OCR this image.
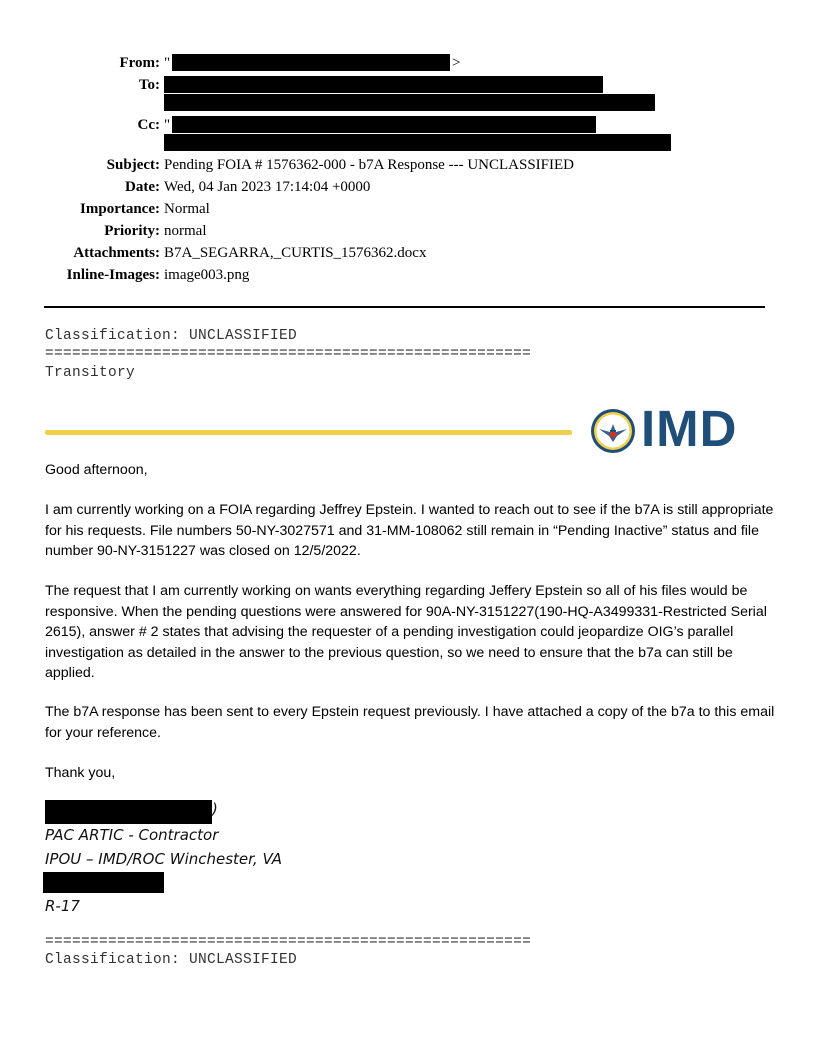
From: "	>
To:
Cc: "
Subject: Pending FOIA # 1576362-000 - b7A Response --- UNCLASSIFIED
Date: Wed, 04 Jan 2023 17:14:04 +0000
Importance: Normal
Priority: normal
Attachments: B7A_SEGARRA,_CURTIS_1576362.docx
Inline-Images: image003.png
Classification: UNCLASSIFIED
======================================================
Transitory
IMD
Good afternoon,
I am currently working on a FOIA regarding Jeffrey Epstein. I wanted to reach out to see if the b7A is still appropriate for his requests. File numbers 50-NY-3027571 and 31-MM-108062 still remain in “Pending Inactive” status and file number 90-NY-3151227 was closed on 12/5/2022.
The request that I am currently working on wants everything regarding Jeffery Epstein so all of his files would be responsive. When the pending questions were answered for 90A-NY-3151227(190-HQ-A3499331-Restricted Serial 2615), answer # 2 states that advising the requester of a pending investigation could jeopardize OIG’s parallel investigation as detailed in the answer to the previous question, so we need to ensure that the b7a can still be applied.
The b7A response has been sent to every Epstein request previously. I have attached a copy of the b7a to this email for your reference.
Thank you,
)
PAC ARTIC - Contractor
IPOU – IMD/ROC Winchester, VA
R-17
======================================================
Classification: UNCLASSIFIED
